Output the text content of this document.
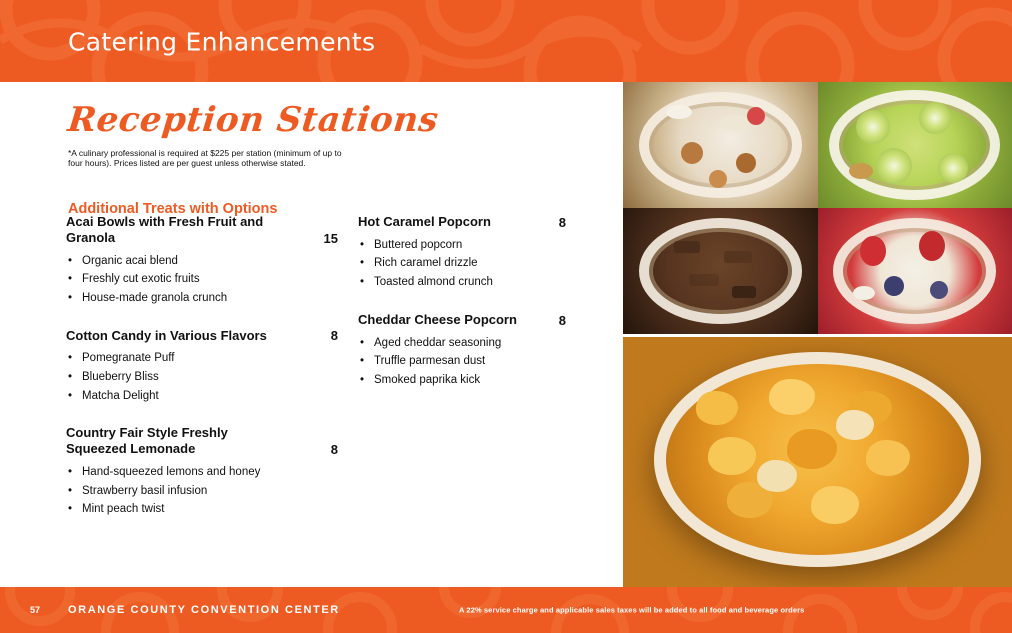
Catering Enhancements
Reception Stations
*A culinary professional is required at $225 per station (minimum of up to four hours). Prices listed are per guest unless otherwise stated.
Additional Treats with Options
Acai Bowls with Fresh Fruit and Granola	15
• Organic acai blend
• Freshly cut exotic fruits
• House-made granola crunch
Cotton Candy in Various Flavors	8
• Pomegranate Puff
• Blueberry Bliss
• Matcha Delight
Country Fair Style Freshly Squeezed Lemonade	8
• Hand-squeezed lemons and honey
• Strawberry basil infusion
• Mint peach twist
Hot Caramel Popcorn	8
• Buttered popcorn
• Rich caramel drizzle
• Toasted almond crunch
Cheddar Cheese Popcorn	8
• Aged cheddar seasoning
• Truffle parmesan dust
• Smoked paprika kick
57	ORANGE COUNTY CONVENTION CENTER	A 22% service charge and applicable sales taxes will be added to all food and beverage orders
